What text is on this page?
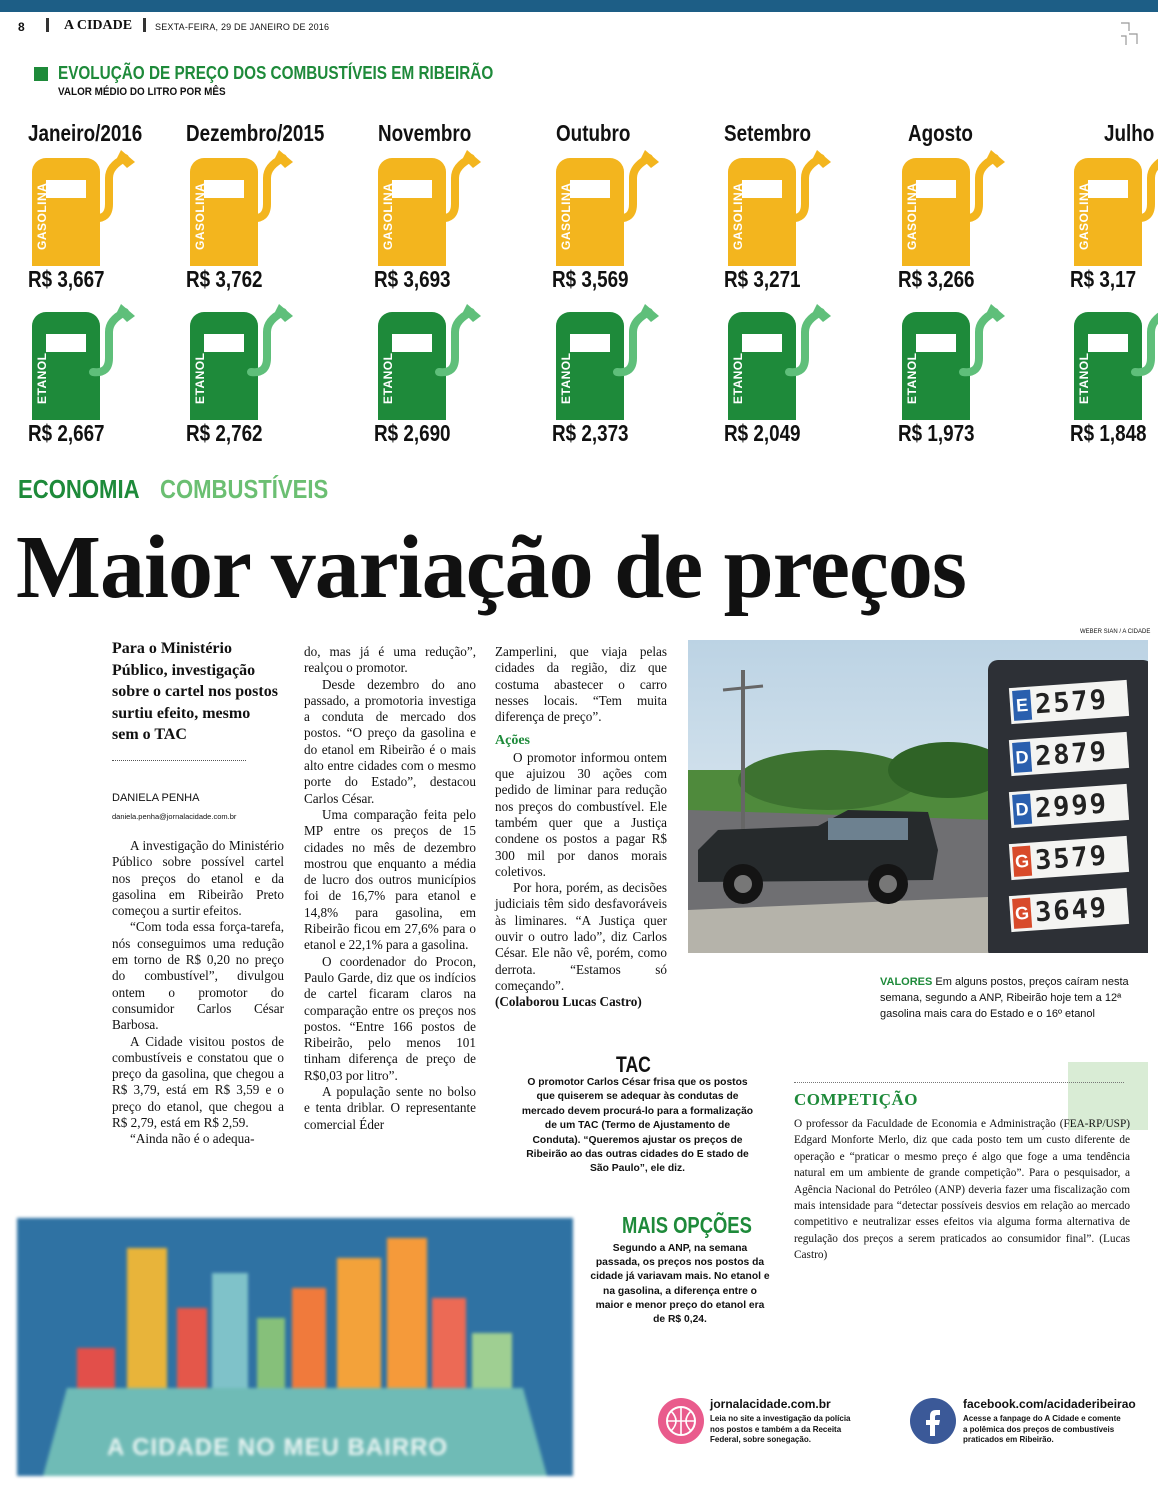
8	A CIDADE	SEXTA-FEIRA, 29 DE JANEIRO DE 2016
EVOLUÇÃO DE PREÇO DOS COMBUSTÍVEIS EM RIBEIRÃO
VALOR MÉDIO DO LITRO POR MÊS
Janeiro/2016
GASOLINA
R$ 3,667
ETANOL
R$ 2,667
Dezembro/2015
GASOLINA
R$ 3,762
ETANOL
R$ 2,762
Novembro
GASOLINA
R$ 3,693
ETANOL
R$ 2,690
Outubro
GASOLINA
R$ 3,569
ETANOL
R$ 2,373
Setembro
GASOLINA
R$ 3,271
ETANOL
R$ 2,049
Agosto
GASOLINA
R$ 3,266
ETANOL
R$ 1,973
Julho
GASOLINA
R$ 3,17
ETANOL
R$ 1,848
ECONOMIA COMBUSTÍVEIS
Maior variação de preços
Para o Ministério Público, investigação sobre o cartel nos postos surtiu efeito, mesmo sem o TAC
DANIELA PENHA
daniela.penha@jornalacidade.com.br

A investigação do Ministério Público sobre possível cartel nos preços do etanol e da gasolina em Ribeirão Preto começou a surtir efeitos.

“Com toda essa força-tarefa, nós conseguimos uma redução em torno de R$ 0,20 no preço do combustível”, divulgou ontem o promotor do consumidor Carlos César Barbosa.

A Cidade visitou postos de combustíveis e constatou que o preço da gasolina, que chegou a R$ 3,79, está em R$ 3,59 e o preço do etanol, que chegou a R$ 2,79, está em R$ 2,59.

“Ainda não é o adequa-

do, mas já é uma redução”, realçou o promotor.

Desde dezembro do ano passado, a promotoria investiga a conduta de mercado dos postos. “O preço da gasolina e do etanol em Ribeirão é o mais alto entre cidades com o mesmo porte do Estado”, destacou Carlos César.

Uma comparação feita pelo MP entre os preços de 15 cidades no mês de dezembro mostrou que enquanto a média de lucro dos outros municípios foi de 16,7% para etanol e 14,8% para gasolina, em Ribeirão ficou em 27,6% para o etanol e 22,1% para a gasolina.

O coordenador do Procon, Paulo Garde, diz que os indícios de cartel ficaram claros na comparação entre os preços nos postos. “Entre 166 postos de Ribeirão, pelo menos 101 tinham diferença de preço de R$0,03 por litro”.

A população sente no bolso e tenta driblar. O representante comercial Éder

Zamperlini, que viaja pelas cidades da região, diz que costuma abastecer o carro nesses locais. “Tem muita diferença de preço”.

Ações

O promotor informou ontem que ajuizou 30 ações com pedido de liminar para redução nos preços do combustível. Ele também quer que a Justiça condene os postos a pagar R$ 300 mil por danos morais coletivos.

Por hora, porém, as decisões judiciais têm sido desfavoráveis às liminares. “A Justiça quer ouvir o outro lado”, diz Carlos César. Ele não vê, porém, como derrota. “Estamos só começando”.

(Colaborou Lucas Castro)

WEBER SIAN / A CIDADE
E 2579
D 2879
D 2999
G 3579
G 3649
VALORES Em alguns postos, preços caíram nesta semana, segundo a ANP, Ribeirão hoje tem a 12ª gasolina mais cara do Estado e o 16º etanol
TAC
O promotor Carlos César frisa que os postos que quiserem se adequar às condutas de mercado devem procurá-lo para a formalização de um TAC (Termo de Ajustamento de Conduta). “Queremos ajustar os preços de Ribeirão ao das outras cidades do E stado de São Paulo”, ele diz.
COMPETIÇÃO
O professor da Faculdade de Economia e Administração (FEA-RP/USP) Edgard Monforte Merlo, diz que cada posto tem um custo diferente de operação e “praticar o mesmo preço é algo que foge a uma tendência natural em um ambiente de grande competição”. Para o pesquisador, a Agência Nacional do Petróleo (ANP) deveria fazer uma fiscalização com mais intensidade para “detectar possíveis desvios em relação ao mercado competitivo e neutralizar esses efeitos via alguma forma alternativa de regulação dos preços a serem praticados ao consumidor final”. (Lucas Castro)
A CIDADE NO MEU BAIRRO
MAIS OPÇÕES
Segundo a ANP, na semana passada, os preços nos postos da cidade já variavam mais. No etanol e na gasolina, a diferença entre o maior e menor preço do etanol era de R$ 0,24.
jornalacidade.com.br
Leia no site a investigação da polícia nos postos e também a da Receita Federal, sobre sonegação.
facebook.com/acidaderibeirao
Acesse a fanpage do A Cidade e comente a polêmica dos preços de combustíveis praticados em Ribeirão.
